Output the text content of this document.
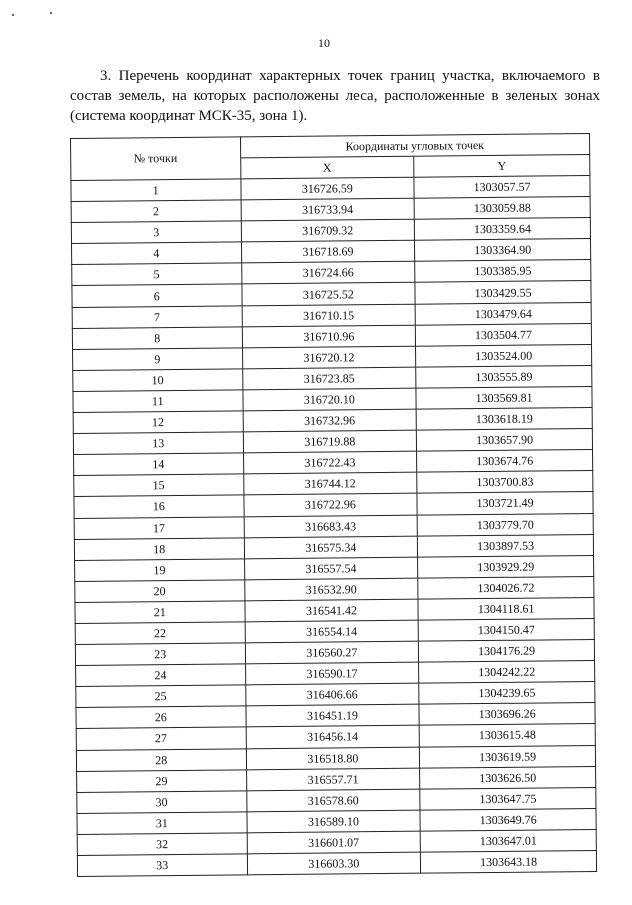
10
3. Перечень координат характерных точек границ участка, включаемого в состав земель, на которых расположены леса, расположенные в зеленых зонах (система координат МСК-35, зона 1).
№ точки	Координаты угловых точек	
	X	Y
1	316726.59	1303057.57
2	316733.94	1303059.88
3	316709.32	1303359.64
4	316718.69	1303364.90
5	316724.66	1303385.95
6	316725.52	1303429.55
7	316710.15	1303479.64
8	316710.96	1303504.77
9	316720.12	1303524.00
10	316723.85	1303555.89
11	316720.10	1303569.81
12	316732.96	1303618.19
13	316719.88	1303657.90
14	316722.43	1303674.76
15	316744.12	1303700.83
16	316722.96	1303721.49
17	316683.43	1303779.70
18	316575.34	1303897.53
19	316557.54	1303929.29
20	316532.90	1304026.72
21	316541.42	1304118.61
22	316554.14	1304150.47
23	316560.27	1304176.29
24	316590.17	1304242.22
25	316406.66	1304239.65
26	316451.19	1303696.26
27	316456.14	1303615.48
28	316518.80	1303619.59
29	316557.71	1303626.50
30	316578.60	1303647.75
31	316589.10	1303649.76
32	316601.07	1303647.01
33	316603.30	1303643.18
